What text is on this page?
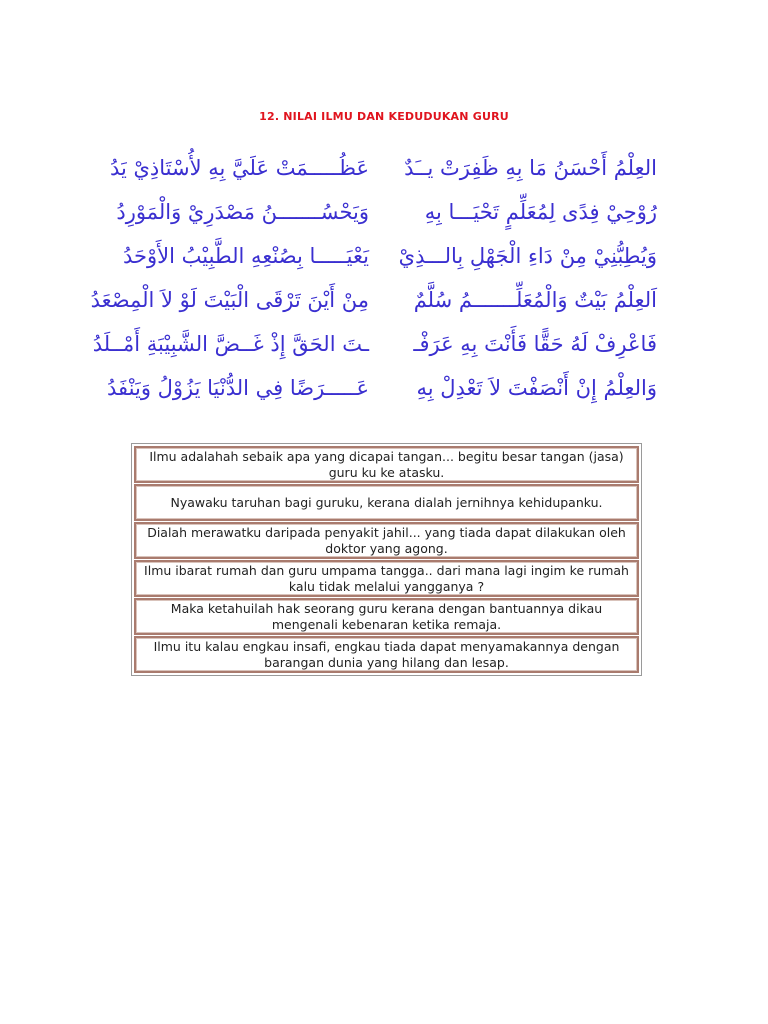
12. NILAI ILMU DAN KEDUDUKAN GURU
العِلْمُ أَحْسَنُ مَا بِهِ ظَفِرَتْ يــَدٌ
عَظُـــــمَتْ عَلَيَّ بِهِ لأُسْتَاذِيْ يَدُ
رُوْحِيْ فِدًى لِمُعَلِّمٍ تَحْيَـــا بِهِ
وَيَحْسُـــــــنُ مَصْدَرِيْ وَالْمَوْرِدُ
وَيُطِبُّنِيْ مِنْ دَاءِ الْجَهْلِ بِالـــذِيْ
يَعْيَـــــا بِصُنْعِهِ الطَّبِيْبُ الأَوْحَدُ
اَلعِلْمُ بَيْتٌ وَالْمُعَلِّـــــــمُ سُلَّمٌ
مِنْ أَيْنَ تَرْقَى الْبَيْتَ لَوْ لاَ الْمِصْعَدُ
فَاعْرِفْ لَهُ حَقًّا فَأَنْتَ بِهِ عَرَفْـ
ـتَ الحَقَّ إِذْ غَــضَّ الشَّبِيْبَةِ أَمْــلَدُ
وَالعِلْمُ إِنْ أَنْصَفْتَ لاَ تَعْدِلْ بِهِ
عَـــــرَضًا فِي الدُّنْيَا يَزُوْلُ وَيَنْفَدُ
Ilmu adalahah sebaik apa yang dicapai tangan... begitu besar tangan (jasa) guru ku ke atasku.
Nyawaku taruhan bagi guruku, kerana dialah jernihnya kehidupanku.
Dialah merawatku daripada penyakit jahil... yang tiada dapat dilakukan oleh doktor yang agong.
Ilmu ibarat rumah dan guru umpama tangga.. dari mana lagi ingim ke rumah kalu tidak melalui yangganya ?
Maka ketahuilah hak seorang guru kerana dengan bantuannya dikau mengenali kebenaran ketika remaja.
Ilmu itu kalau engkau insafi, engkau tiada dapat menyamakannya dengan barangan dunia yang hilang dan lesap.
